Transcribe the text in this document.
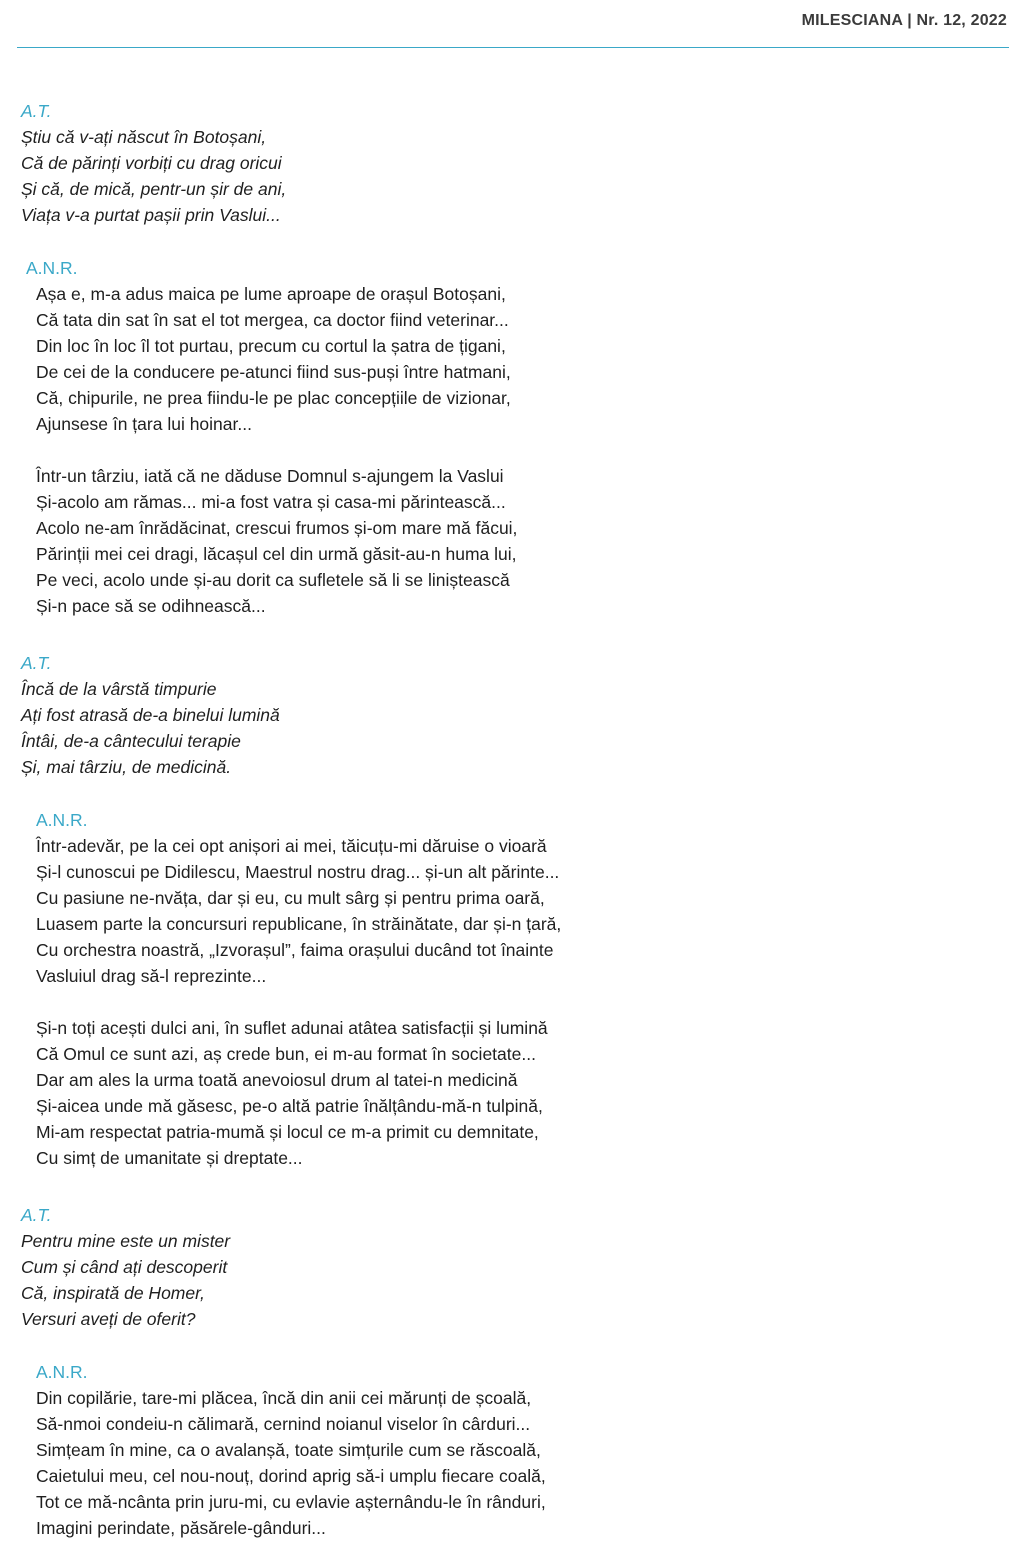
MILESCIANA | Nr. 12, 2022
A.T.
Știu că v-ați născut în Botoșani,
Că de părinți vorbiți cu drag oricui
Și că, de mică, pentr-un șir de ani,
Viața v-a purtat pașii prin Vaslui...
A.N.R.
Așa e, m-a adus maica pe lume aproape de orașul Botoșani,
Că tata din sat în sat el tot mergea, ca doctor fiind veterinar...
Din loc în loc îl tot purtau, precum cu cortul la șatra de țigani,
De cei de la conducere pe-atunci fiind sus-puși între hatmani,
Că, chipurile, ne prea fiindu-le pe plac concepțiile de vizionar,
Ajunsese în țara lui hoinar...
Într-un târziu, iată că ne dăduse Domnul s-ajungem la Vaslui
Și-acolo am rămas... mi-a fost vatra și casa-mi părintească...
Acolo ne-am înrădăcinat, crescui frumos și-om mare mă făcui,
Părinții mei cei dragi, lăcașul cel din urmă găsit-au-n huma lui,
Pe veci, acolo unde și-au dorit ca sufletele să li se liniștească
Și-n pace să se odihnească...
A.T.
Încă de la vârstă timpurie
Ați fost atrasă de-a binelui lumină
Întâi, de-a cântecului terapie
Și, mai târziu, de medicină.
A.N.R.
Într-adevăr, pe la cei opt anișori ai mei, tăicuțu-mi dăruise o vioară
Și-l cunoscui pe Didilescu, Maestrul nostru drag... și-un alt părinte...
Cu pasiune ne-nvăța, dar și eu, cu mult sârg și pentru prima oară,
Luasem parte la concursuri republicane, în străinătate, dar și-n țară,
Cu orchestra noastră, „Izvorașul”, faima orașului ducând tot înainte
Vasluiul drag să-l reprezinte...
Și-n toți acești dulci ani, în suflet adunai atâtea satisfacții și lumină
Că Omul ce sunt azi, aș crede bun, ei m-au format în societate...
Dar am ales la urma toată anevoiosul drum al tatei-n medicină
Și-aicea unde mă găsesc, pe-o altă patrie înălțându-mă-n tulpină,
Mi-am respectat patria-mumă și locul ce m-a primit cu demnitate,
Cu simț de umanitate și dreptate...
A.T.
Pentru mine este un mister
Cum și când ați descoperit
Că, inspirată de Homer,
Versuri aveți de oferit?
A.N.R.
Din copilărie, tare-mi plăcea, încă din anii cei mărunți de școală,
Să-nmoi condeiu-n călimară, cernind noianul viselor în cârduri...
Simțeam în mine, ca o avalanșă, toate simțurile cum se răscoală,
Caietului meu, cel nou-nouț, dorind aprig să-i umplu fiecare coală,
Tot ce mă-ncânta prin juru-mi, cu evlavie așternându-le în rânduri,
Imagini perindate, păsărele-gânduri...
